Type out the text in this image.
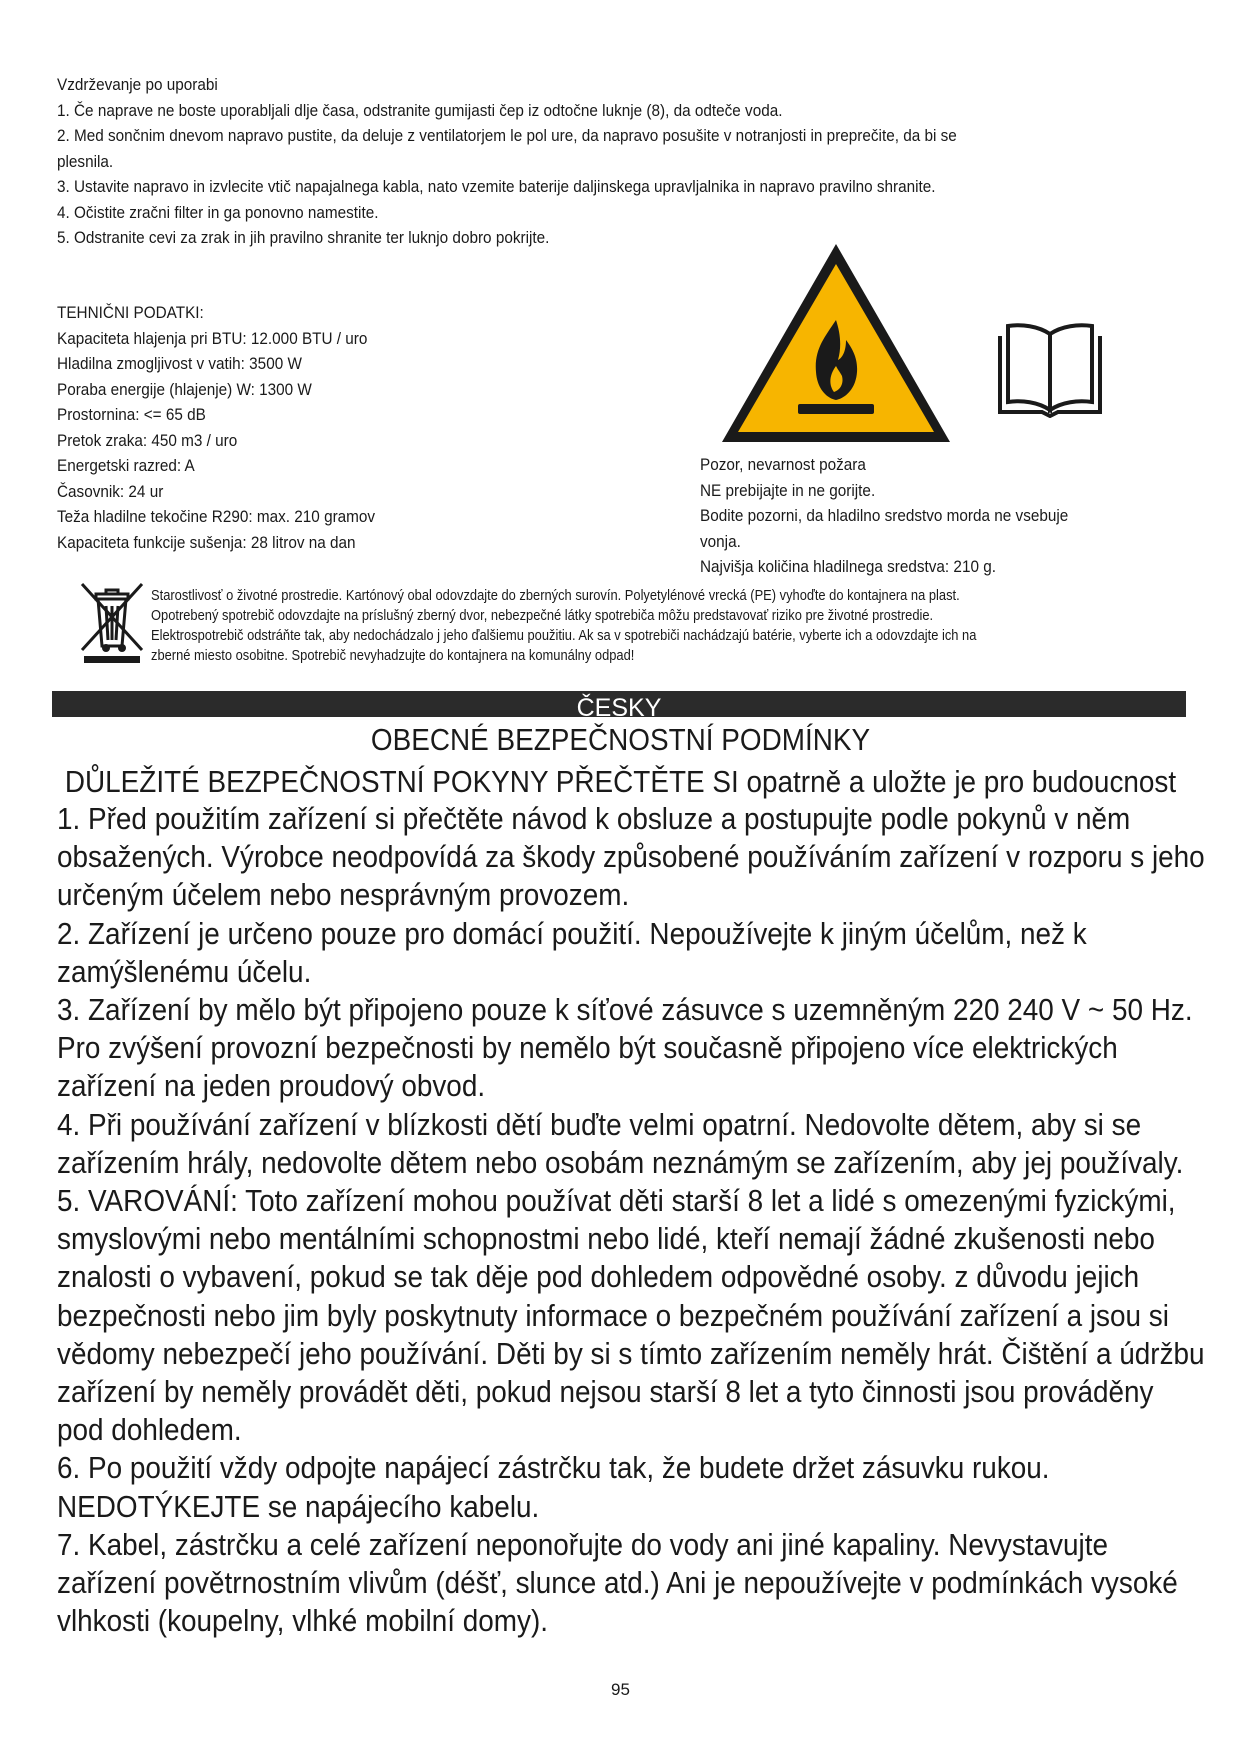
Vzdrževanje po uporabi
1. Če naprave ne boste uporabljali dlje časa, odstranite gumijasti čep iz odtočne luknje (8), da odteče voda.
2. Med sončnim dnevom napravo pustite, da deluje z ventilatorjem le pol ure, da napravo posušite v notranjosti in preprečite, da bi se
plesnila.
3. Ustavite napravo in izvlecite vtič napajalnega kabla, nato vzemite baterije daljinskega upravljalnika in napravo pravilno shranite.
4. Očistite zračni filter in ga ponovno namestite.
5. Odstranite cevi za zrak in jih pravilno shranite ter luknjo dobro pokrijte.
TEHNIČNI PODATKI:
Kapaciteta hlajenja pri BTU: 12.000 BTU / uro
Hladilna zmogljivost v vatih: 3500 W
Poraba energije (hlajenje) W: 1300 W
Prostornina: <= 65 dB
Pretok zraka: 450 m3 / uro
Energetski razred: A
Časovnik: 24 ur
Teža hladilne tekočine R290: max. 210 gramov
Kapaciteta funkcije sušenja: 28 litrov na dan
Pozor, nevarnost požara
NE prebijajte in ne gorijte.
Bodite pozorni, da hladilno sredstvo morda ne vsebuje
vonja.
Najvišja količina hladilnega sredstva: 210 g.
Starostlivosť o životné prostredie. Kartónový obal odovzdajte do zberných surovín. Polyetylénové vrecká (PE) vyhoďte do kontajnera na plast.
Opotrebený spotrebič odovzdajte na príslušný zberný dvor, nebezpečné látky spotrebiča môžu predstavovať riziko pre životné prostredie.
Elektrospotrebič odstráňte tak, aby nedochádzalo j jeho ďalšiemu použitiu. Ak sa v spotrebiči nachádzajú batérie, vyberte ich a odovzdajte ich na
zberné miesto osobitne. Spotrebič nevyhadzujte do kontajnera na komunálny odpad!
ČESKY
OBECNÉ BEZPEČNOSTNÍ PODMÍNKY
DŮLEŽITÉ BEZPEČNOSTNÍ POKYNY PŘEČTĚTE SI opatrně a uložte je pro budoucnost
1. Před použitím zařízení si přečtěte návod k obsluze a postupujte podle pokynů v něm
obsažených. Výrobce neodpovídá za škody způsobené používáním zařízení v rozporu s jeho
určeným účelem nebo nesprávným provozem.
2. Zařízení je určeno pouze pro domácí použití. Nepoužívejte k jiným účelům, než k
zamýšlenému účelu.
3. Zařízení by mělo být připojeno pouze k síťové zásuvce s uzemněným 220 240 V ~ 50 Hz.
Pro zvýšení provozní bezpečnosti by nemělo být současně připojeno více elektrických
zařízení na jeden proudový obvod.
4. Při používání zařízení v blízkosti dětí buďte velmi opatrní. Nedovolte dětem, aby si se
zařízením hrály, nedovolte dětem nebo osobám neznámým se zařízením, aby jej používaly.
5. VAROVÁNÍ: Toto zařízení mohou používat děti starší 8 let a lidé s omezenými fyzickými,
smyslovými nebo mentálními schopnostmi nebo lidé, kteří nemají žádné zkušenosti nebo
znalosti o vybavení, pokud se tak děje pod dohledem odpovědné osoby. z důvodu jejich
bezpečnosti nebo jim byly poskytnuty informace o bezpečném používání zařízení a jsou si
vědomy nebezpečí jeho používání. Děti by si s tímto zařízením neměly hrát. Čištění a údržbu
zařízení by neměly provádět děti, pokud nejsou starší 8 let a tyto činnosti jsou prováděny
pod dohledem.
6. Po použití vždy odpojte napájecí zástrčku tak, že budete držet zásuvku rukou.
NEDOTÝKEJTE se napájecího kabelu.
7. Kabel, zástrčku a celé zařízení neponořujte do vody ani jiné kapaliny. Nevystavujte
zařízení povětrnostním vlivům (déšť, slunce atd.) Ani je nepoužívejte v podmínkách vysoké
vlhkosti (koupelny, vlhké mobilní domy).
95
